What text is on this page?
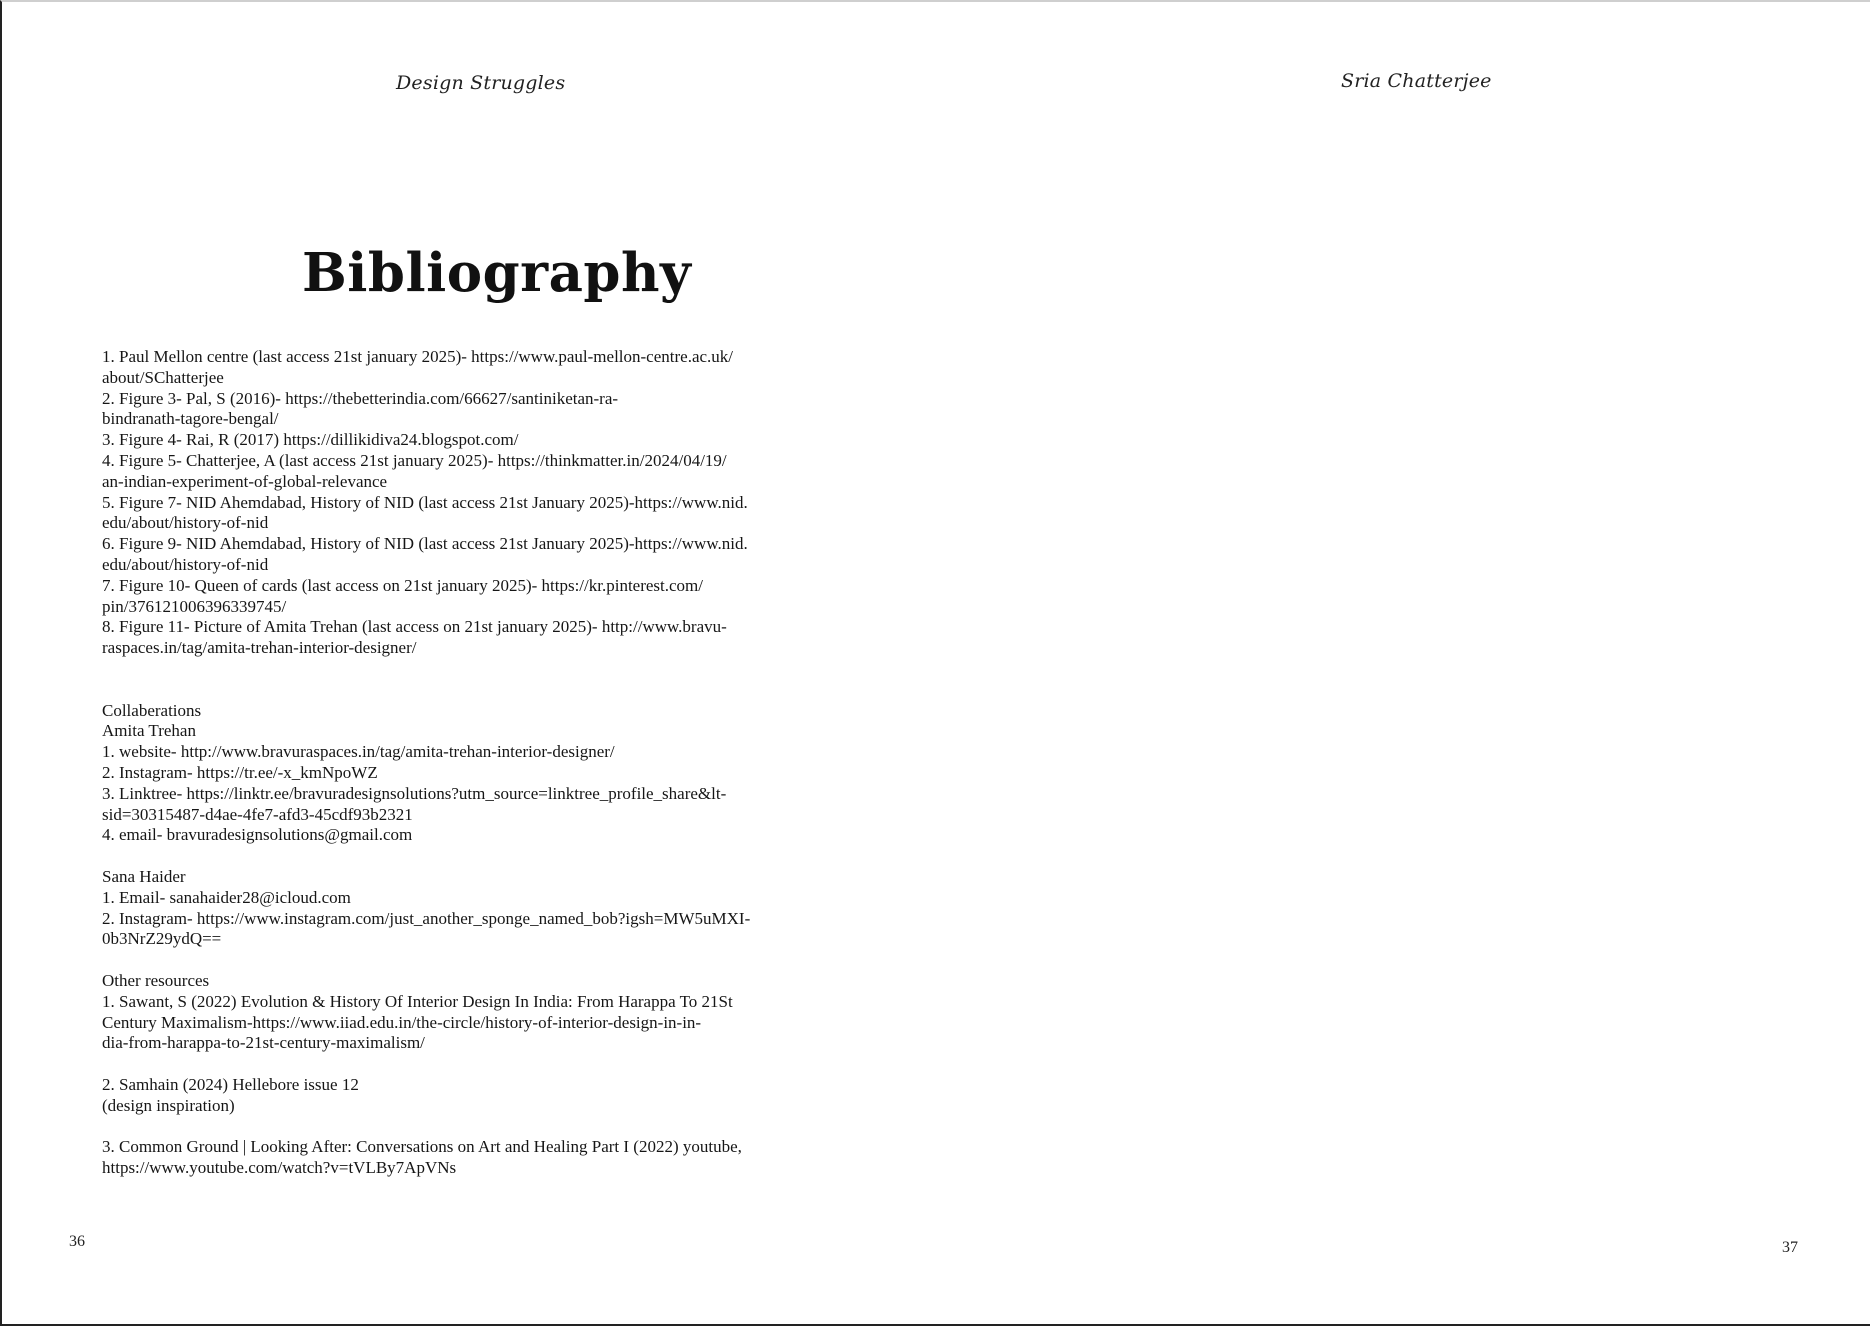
Design Struggles
Bibliography
1. Paul Mellon centre (last access 21st january 2025)- https://www.paul-mellon-centre.ac.uk/
about/SChatterjee
2. Figure 3- Pal, S (2016)- https://thebetterindia.com/66627/santiniketan-ra-
bindranath-tagore-bengal/
3. Figure 4- Rai, R (2017) https://dillikidiva24.blogspot.com/
4. Figure 5- Chatterjee, A (last access 21st january 2025)- https://thinkmatter.in/2024/04/19/
an-indian-experiment-of-global-relevance
5. Figure 7- NID Ahemdabad, History of NID (last access 21st January 2025)-https://www.nid.
edu/about/history-of-nid
6. Figure 9- NID Ahemdabad, History of NID (last access 21st January 2025)-https://www.nid.
edu/about/history-of-nid
7. Figure 10- Queen of cards (last access on 21st january 2025)- https://kr.pinterest.com/
pin/376121006396339745/
8. Figure 11- Picture of Amita Trehan (last access on 21st january 2025)- http://www.bravu-
raspaces.in/tag/amita-trehan-interior-designer/
Collaberations
Amita Trehan
1. website- http://www.bravuraspaces.in/tag/amita-trehan-interior-designer/
2. Instagram- https://tr.ee/-x_kmNpoWZ
3. Linktree- https://linktr.ee/bravuradesignsolutions?utm_source=linktree_profile_share&lt-
sid=30315487-d4ae-4fe7-afd3-45cdf93b2321
4. email- bravuradesignsolutions@gmail.com
Sana Haider
1. Email- sanahaider28@icloud.com
2. Instagram- https://www.instagram.com/just_another_sponge_named_bob?igsh=MW5uMXI-
0b3NrZ29ydQ==
Other resources
1. Sawant, S (2022) Evolution & History Of Interior Design In India: From Harappa To 21St
Century Maximalism-https://www.iiad.edu.in/the-circle/history-of-interior-design-in-in-
dia-from-harappa-to-21st-century-maximalism/
2. Samhain (2024) Hellebore issue 12
(design inspiration)
3. Common Ground | Looking After: Conversations on Art and Healing Part I (2022) youtube,
https://www.youtube.com/watch?v=tVLBy7ApVNs
36
Sria Chatterjee
37
